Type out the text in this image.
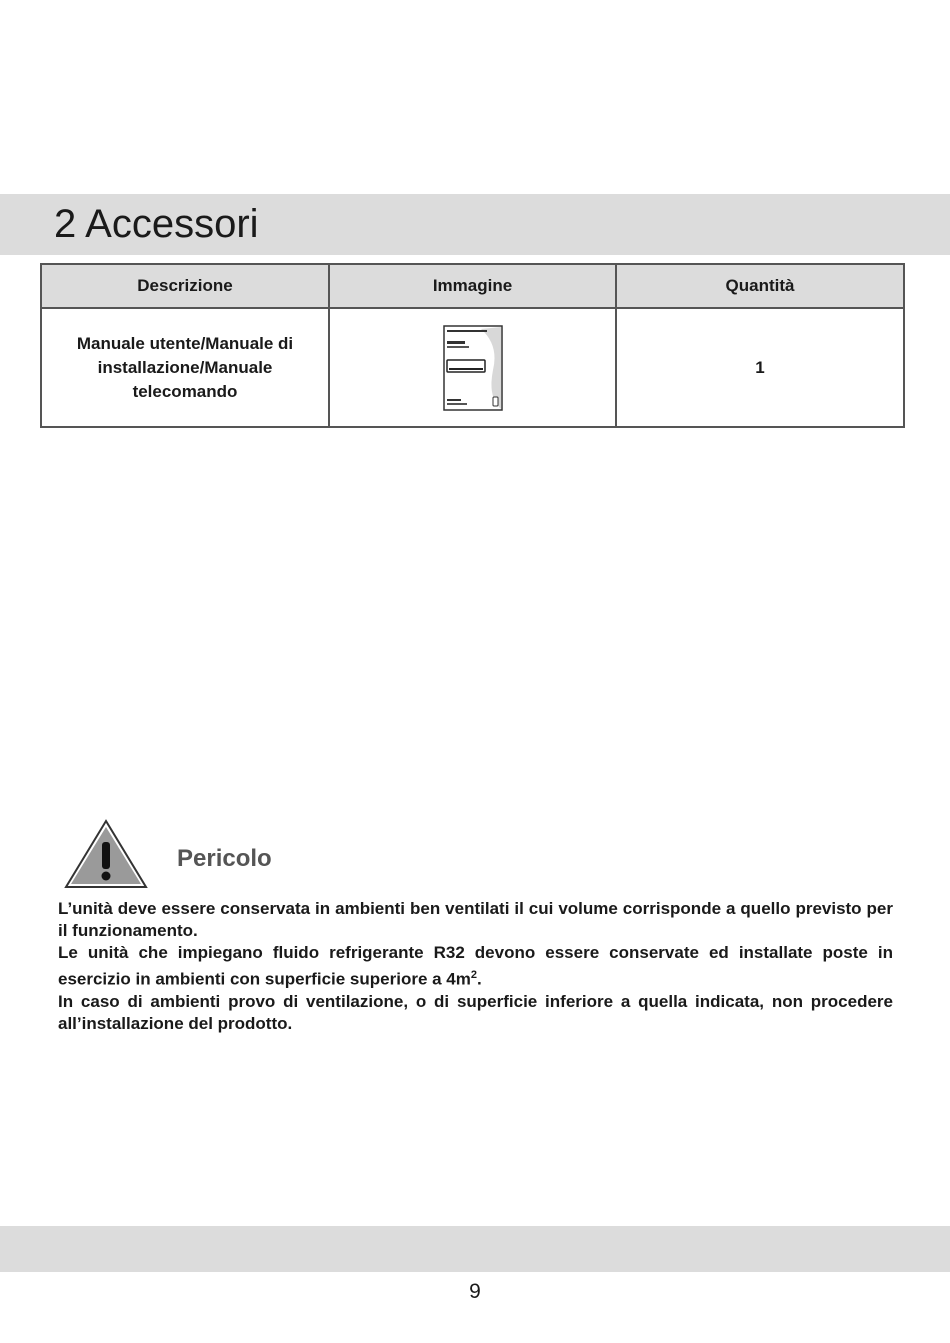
2 Accessori
Descrizione	Immagine	Quantità
Manuale utente/Manuale di
installazione/Manuale
telecomando		1
Pericolo

L’unità deve essere conservata in ambienti ben ventilati il cui volume corrisponde a quello previsto per il funzionamento.

Le unità che impiegano fluido refrigerante R32 devono essere conservate ed installate poste in esercizio in ambienti con superficie superiore a $4m^2$.

In caso di ambienti provo di ventilazione, o di superficie inferiore a quella indicata, non procedere all’installazione del prodotto.

9
